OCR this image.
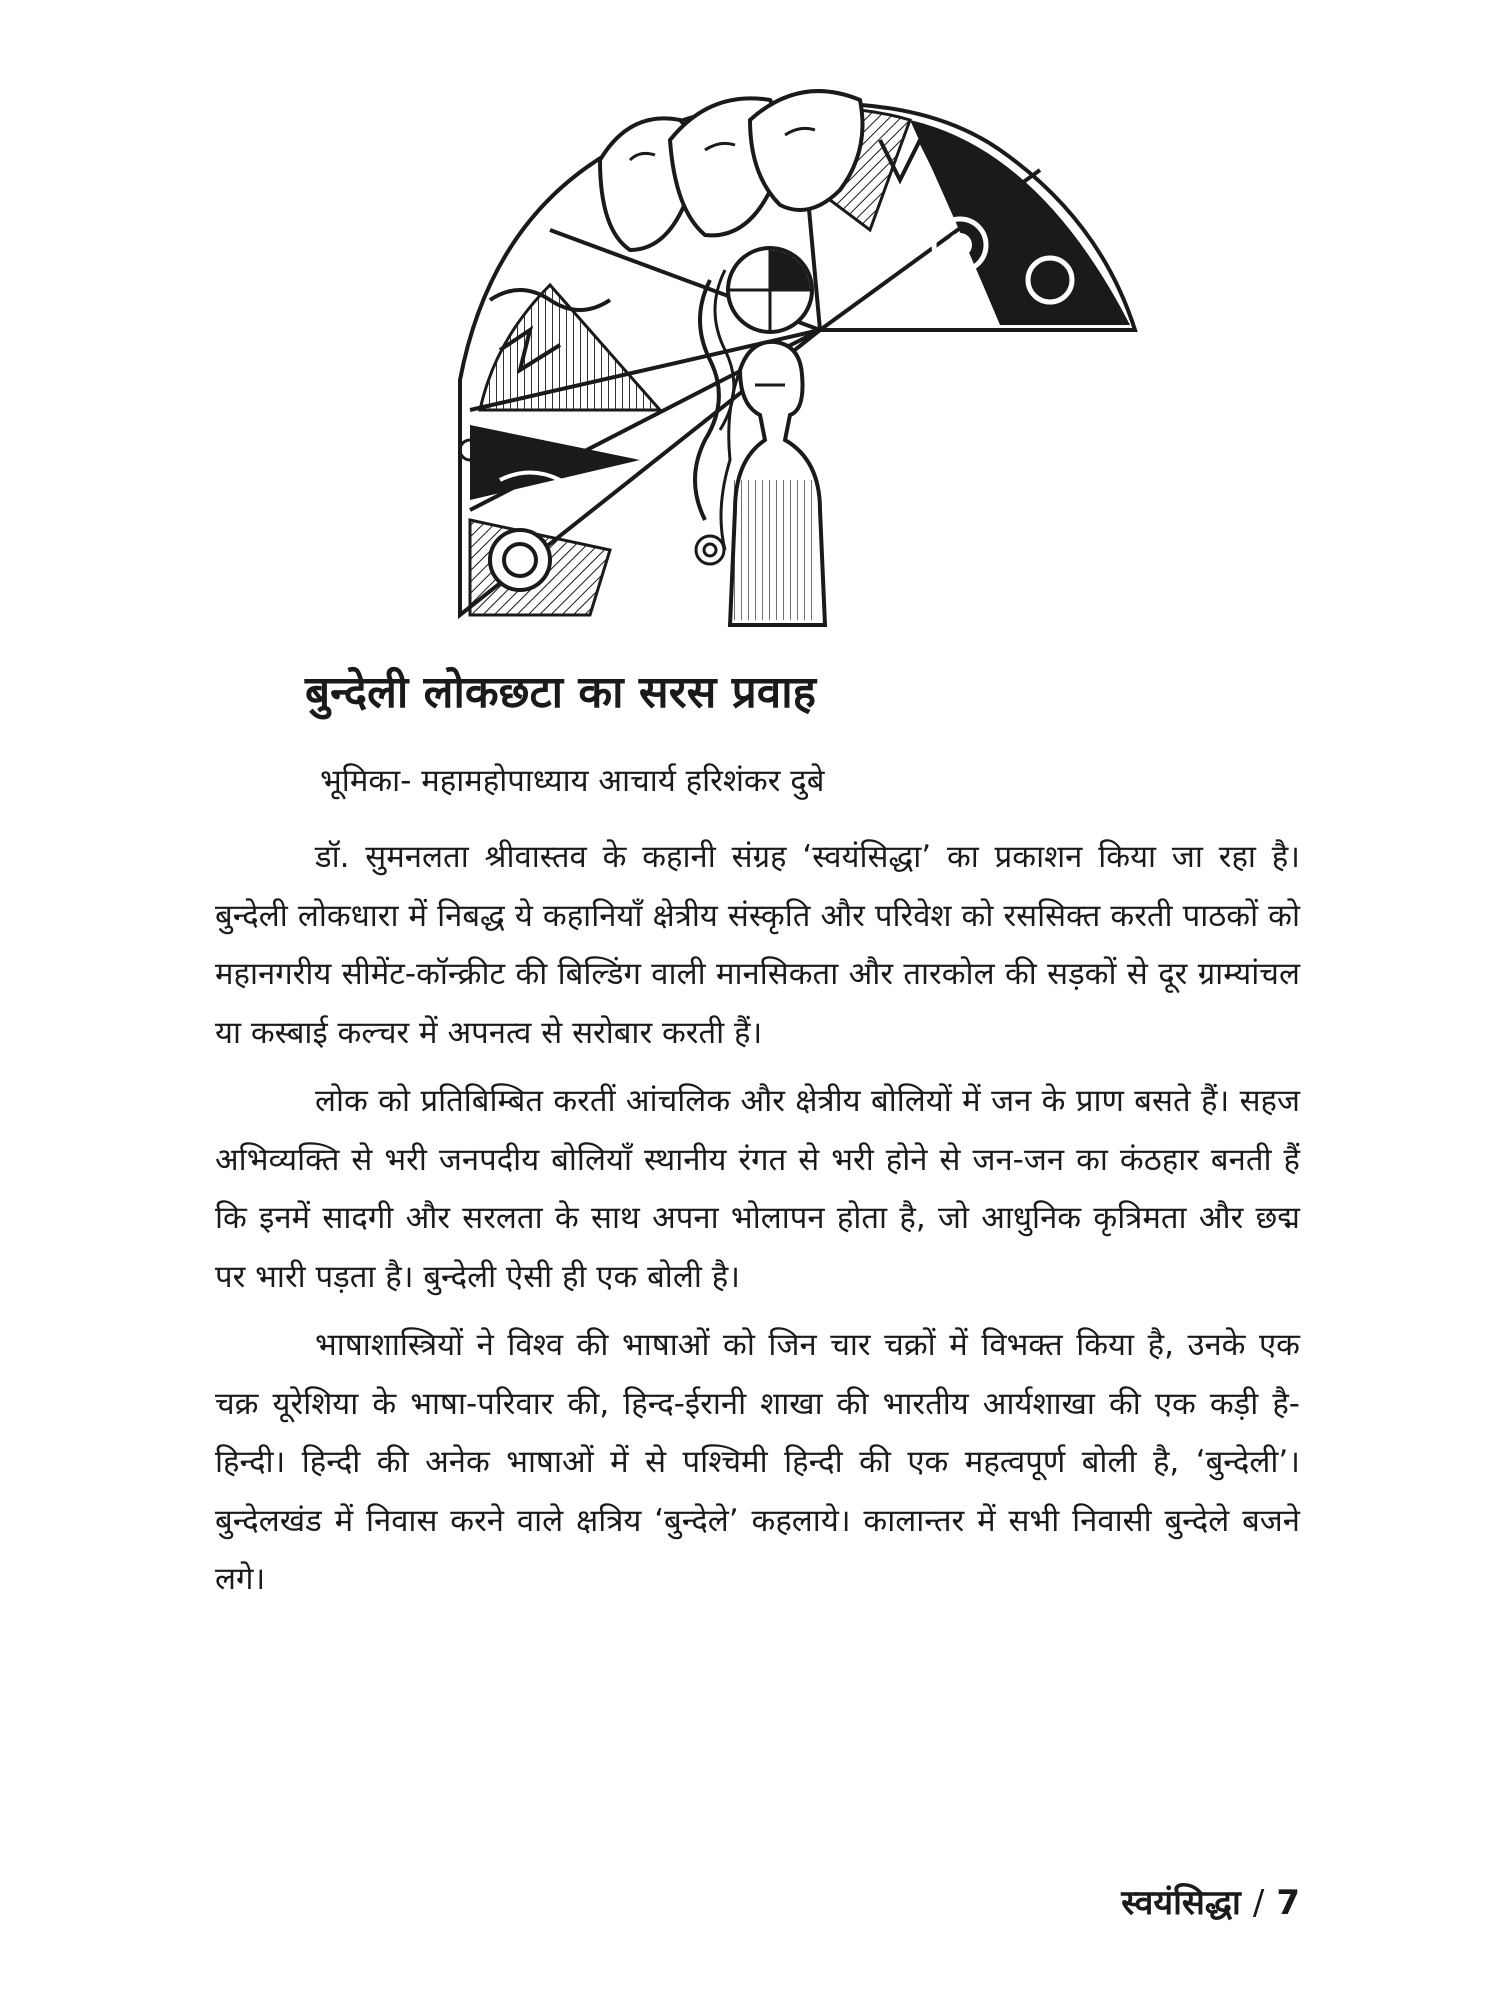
बुन्देली लोकछटा का सरस प्रवाह

भूमिका- महामहोपाध्याय आचार्य हरिशंकर दुबे

डॉ. सुमनलता श्रीवास्तव के कहानी संग्रह ‘स्वयंसिद्धा’ का प्रकाशन किया जा रहा है। बुन्देली लोकधारा में निबद्ध ये कहानियाँ क्षेत्रीय संस्कृति और परिवेश को रससिक्त करती पाठकों को महानगरीय सीमेंट-कॉन्क्रीट की बिल्डिंग वाली मानसिकता और तारकोल की सड़कों से दूर ग्राम्यांचल या कस्बाई कल्चर में अपनत्व से सरोबार करती हैं।

लोक को प्रतिबिम्बित करतीं आंचलिक और क्षेत्रीय बोलियों में जन के प्राण बसते हैं। सहज अभिव्यक्ति से भरी जनपदीय बोलियाँ स्थानीय रंगत से भरी होने से जन-जन का कंठहार बनती हैं कि इनमें सादगी और सरलता के साथ अपना भोलापन होता है, जो आधुनिक कृत्रिमता और छद्म पर भारी पड़ता है। बुन्देली ऐसी ही एक बोली है।

भाषाशास्त्रियों ने विश्व की भाषाओं को जिन चार चक्रों में विभक्त किया है, उनके एक चक्र यूरेशिया के भाषा-परिवार की, हिन्द-ईरानी शाखा की भारतीय आर्यशाखा की एक कड़ी है- हिन्दी। हिन्दी की अनेक भाषाओं में से पश्चिमी हिन्दी की एक महत्वपूर्ण बोली है, ‘बुन्देली’। बुन्देलखंड में निवास करने वाले क्षत्रिय ‘बुन्देले’ कहलाये। कालान्तर में सभी निवासी बुन्देले बजने लगे।

स्वयंसिद्धा / 7
